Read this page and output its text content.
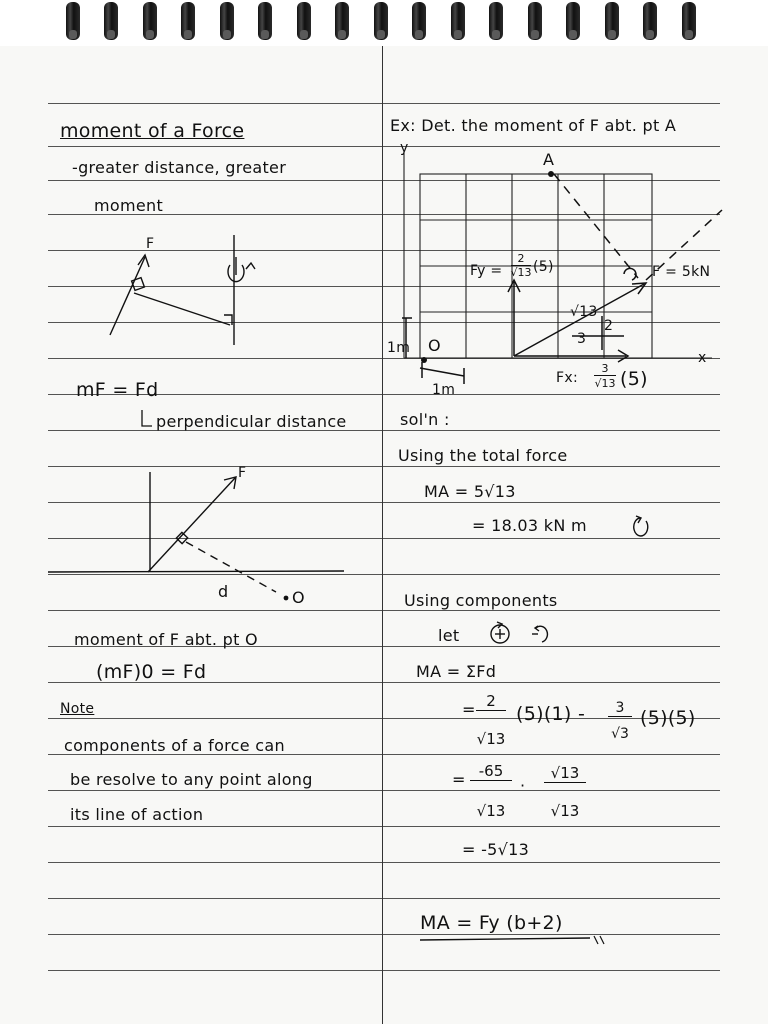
moment of a Force
-greater distance, greater
moment
F
mF = Fd
perpendicular distance
F
d	O
moment of F abt. pt O
(mF)0 = Fd
Note
components of a force can
be resolve to any point along
its line of action
Ex: Det. the moment of F abt. pt A
y
A
Fy =
2
√13 (5)	F = 5kN
√13
2
3
1m O
x
1m
Fx:
3
√13 (5)
sol'n :
Using the total force
MA = 5√13
= 18.03 kN m
Using components
let
MA = ΣFd
= 2
√13
(5)(1) -	3
√3
(5)(5)
= -65
√13
·
√13
√13
= -5√13
MA = Fy (b+2)
